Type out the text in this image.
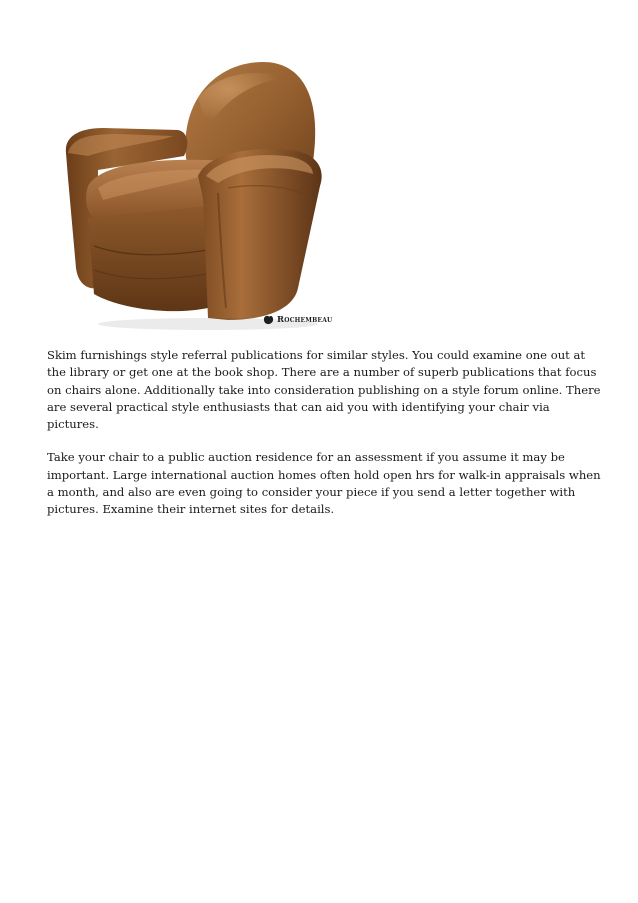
Rochembeau

Skim furnishings style referral publications for similar styles. You could examine one out at the library or get one at the book shop. There are a number of superb publications that focus on chairs alone. Additionally take into consideration publishing on a style forum online. There are several practical style enthusiasts that can aid you with identifying your chair via pictures.

Take your chair to a public auction residence for an assessment if you assume it may be important. Large international auction homes often hold open hrs for walk-in appraisals when a month, and also are even going to consider your piece if you send a letter together with pictures. Examine their internet sites for details.
